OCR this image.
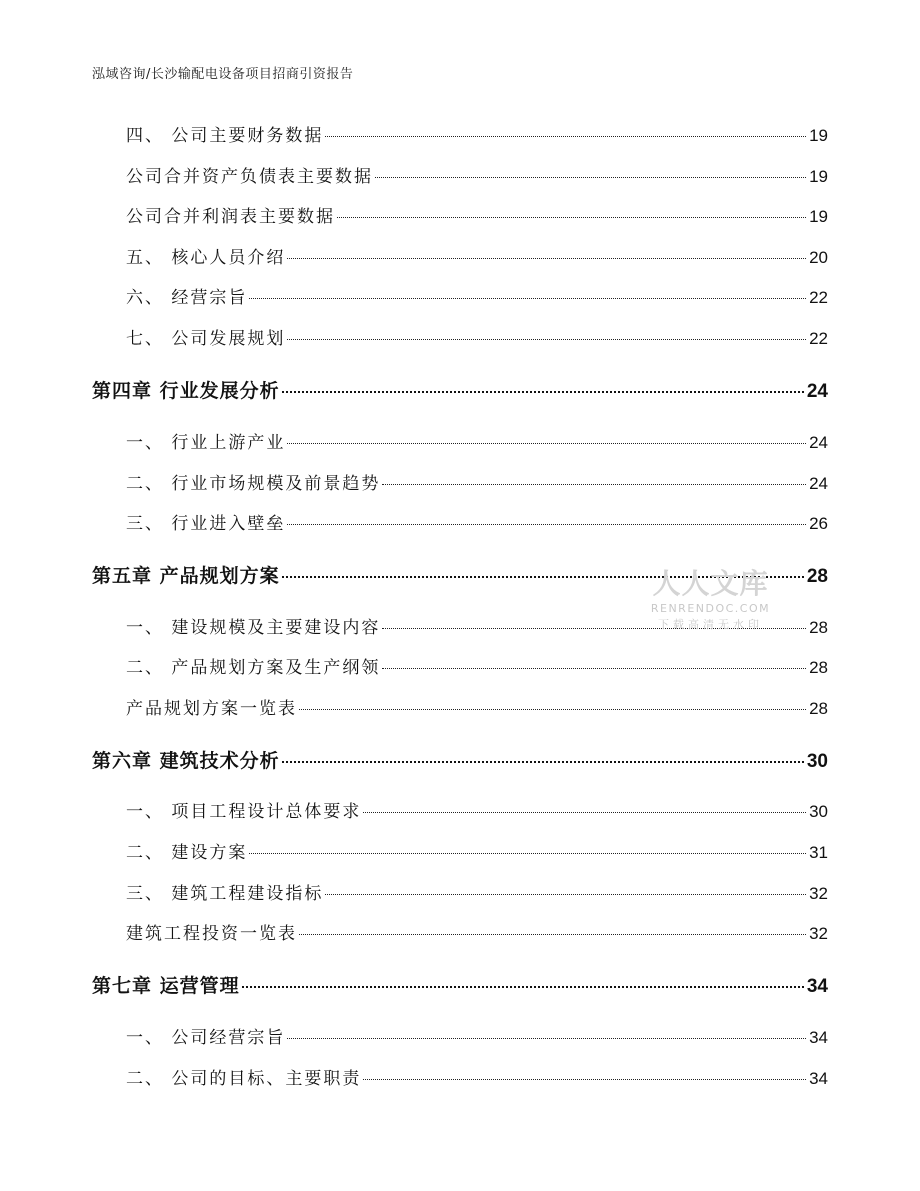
泓域咨询/长沙输配电设备项目招商引资报告
四、 公司主要财务数据	19
公司合并资产负债表主要数据	19
公司合并利润表主要数据	19
五、 核心人员介绍	20
六、 经营宗旨	22
七、 公司发展规划	22
第四章 行业发展分析	24
一、 行业上游产业	24
二、 行业市场规模及前景趋势	24
三、 行业进入壁垒	26
第五章 产品规划方案	28
一、 建设规模及主要建设内容	28
二、 产品规划方案及生产纲领	28
产品规划方案一览表	28
第六章 建筑技术分析	30
一、 项目工程设计总体要求	30
二、 建设方案	31
三、 建筑工程建设指标	32
建筑工程投资一览表	32
第七章 运营管理	34
一、 公司经营宗旨	34
二、 公司的目标、主要职责	34
人人文库
RENRENDOC.COM
下载高清无水印
